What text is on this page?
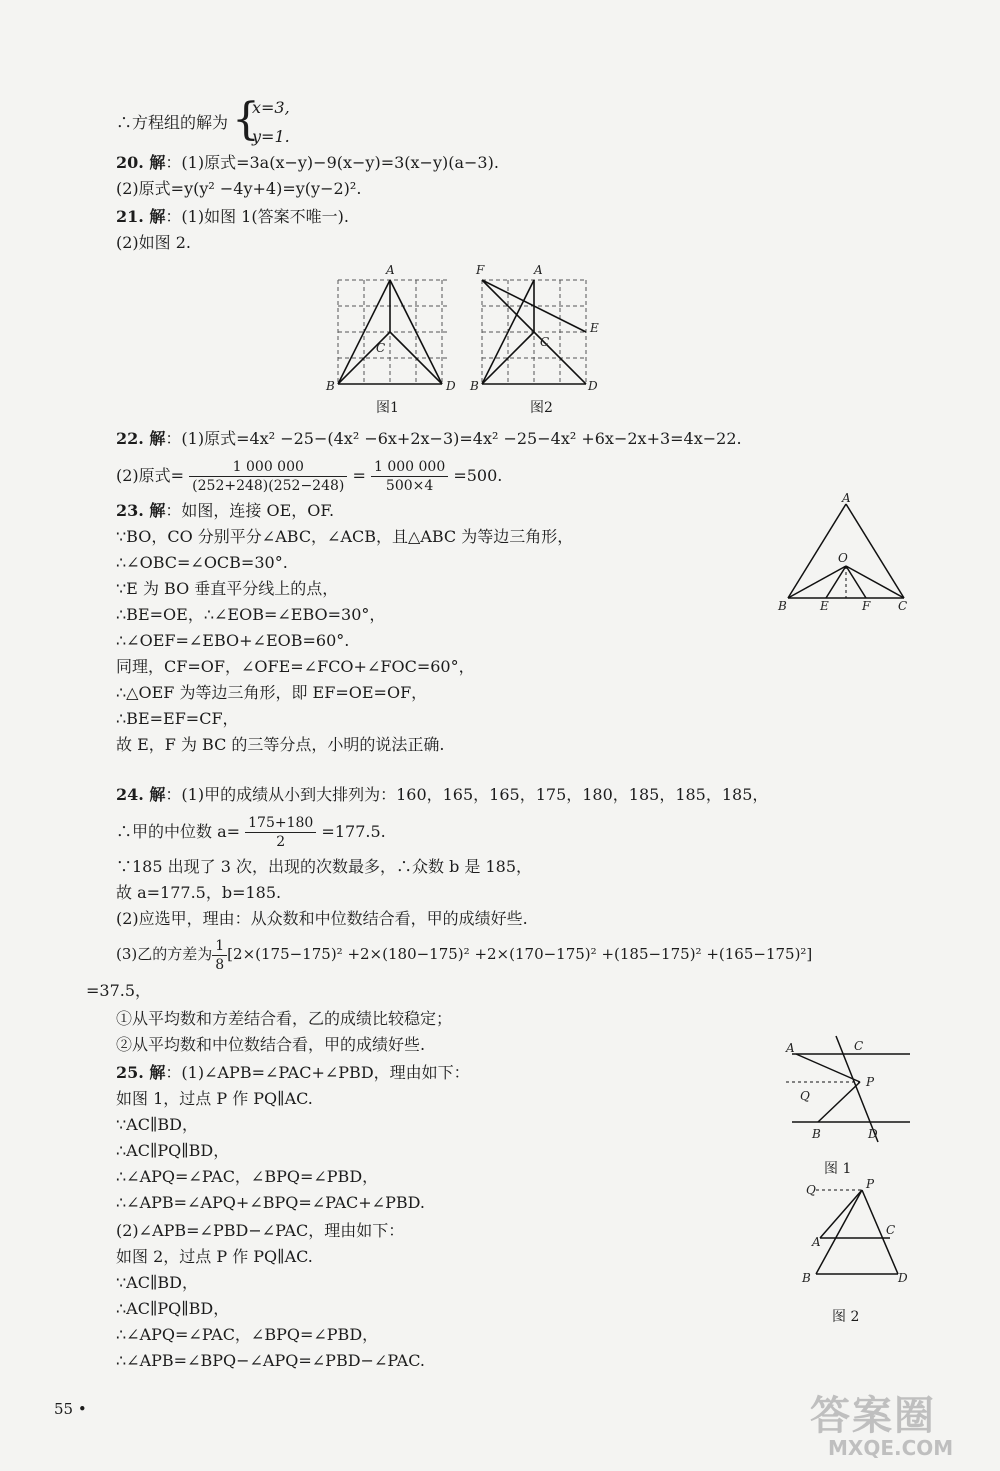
∴方程组的解为 {
x=3,
y=1.
20. 解：(1)原式=3a(x−y)−9(x−y)=3(x−y)(a−3).
(2)原式=y(y² −4y+4)=y(y−2)².
21. 解：(1)如图 1(答案不唯一).
(2)如图 2.
A
C
B	D
图1
F	A
E
C
B	D
图2
22. 解：(1)原式=4x² −25−(4x² −6x+2x−3)=4x² −25−4x² +6x−2x+3=4x−22.
(2)原式= $\frac{1 000 000}{(252+248)(252-248)} = \frac{1 000 000}{500\times 4} =500$.
23. 解：如图，连接 OE，OF.
∵BO，CO 分别平分∠ABC，∠ACB，且△ABC 为等边三角形，
∴∠OBC=∠OCB=30°.
∵E 为 BO 垂直平分线上的点，
∴BE=OE，∴∠EOB=∠EBO=30°，
∴∠OEF=∠EBO+∠EOB=60°.
同理，CF=OF，∠OFE=∠FCO+∠FOC=60°，
∴△OEF 为等边三角形，即 EF=OE=OF，
∴BE=EF=CF，
故 E，F 为 BC 的三等分点，小明的说法正确.
A
O
B	E	F C
24. 解：(1)甲的成绩从小到大排列为：160，165，165，175，180，185，185，185，
∴甲的中位数 $a= \frac{175+180}{2} =177.5$.
∵185 出现了 3 次，出现的次数最多，∴众数 b 是 185，
故 a=177.5，b=185.
(2)应选甲，理由：从众数和中位数结合看，甲的成绩好些.
(3)乙的方差为 $\frac{1}{8} [2\times(175-175)^2 +2\times(180-175)^2 +2\times(170-175)^2 +(185-175)^2 +(165-175)^2]$
=37.5，
①从平均数和方差结合看，乙的成绩比较稳定；
②从平均数和中位数结合看，甲的成绩好些.
25. 解：(1)∠APB=∠PAC+∠PBD，理由如下：
如图 1，过点 P 作 PQ∥AC.
∵AC∥BD，
∴AC∥PQ∥BD，
∴∠APQ=∠PAC，∠BPQ=∠PBD，
∴∠APB=∠APQ+∠BPQ=∠PAC+∠PBD.
(2)∠APB=∠PBD−∠PAC，理由如下：
如图 2，过点 P 作 PQ∥AC.
∵AC∥BD，
∴AC∥PQ∥BD，
∴∠APQ=∠PAC，∠BPQ=∠PBD，
∴∠APB=∠BPQ−∠APQ=∠PBD−∠PAC.
A	C
P
Q
B	D
图 1
Q	P
A
C
B	D
图 2
55 •	答案圈
MXQE.COM
